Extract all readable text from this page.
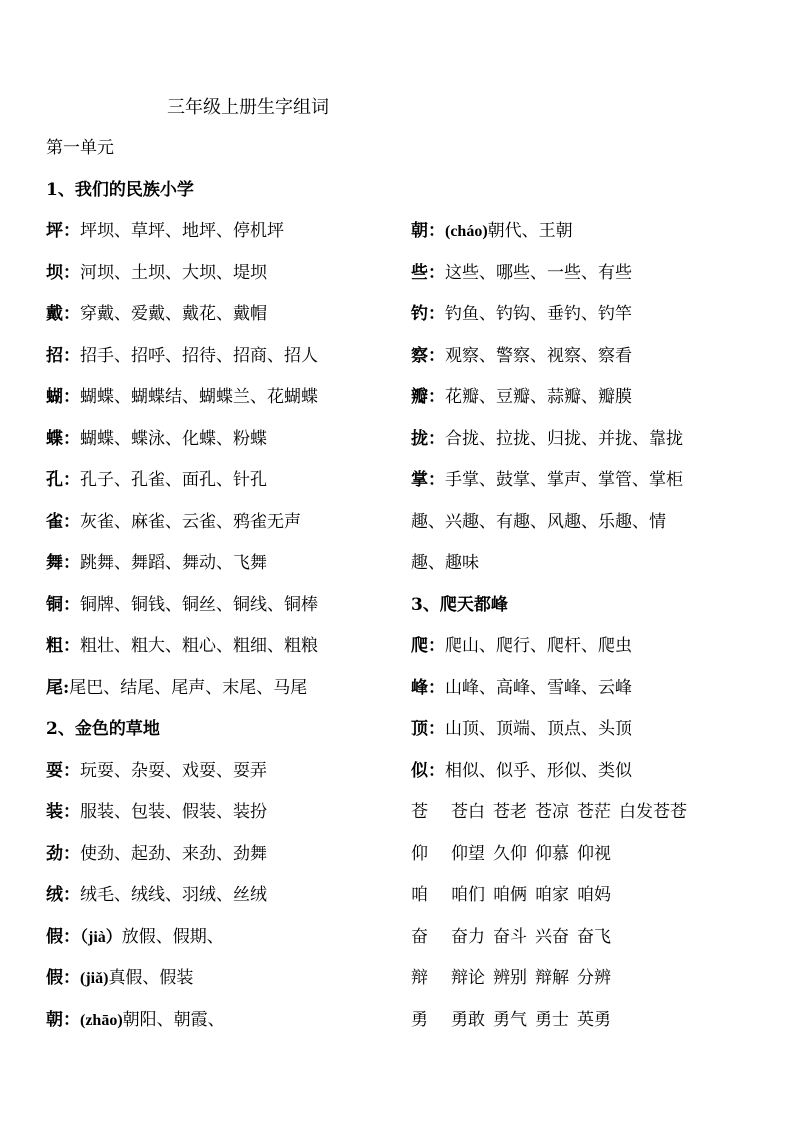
三年级上册生字组词
第一单元
1、我们的民族小学
坪：坪坝、草坪、地坪、停机坪
坝：河坝、土坝、大坝、堤坝
戴：穿戴、爱戴、戴花、戴帽
招：招手、招呼、招待、招商、招人
蝴：蝴蝶、蝴蝶结、蝴蝶兰、花蝴蝶
蝶：蝴蝶、蝶泳、化蝶、粉蝶
孔：孔子、孔雀、面孔、针孔
雀：灰雀、麻雀、云雀、鸦雀无声
舞：跳舞、舞蹈、舞动、飞舞
铜：铜牌、铜钱、铜丝、铜线、铜棒
粗：粗壮、粗大、粗心、粗细、粗粮
尾:尾巴、结尾、尾声、末尾、马尾
2、金色的草地
耍：玩耍、杂耍、戏耍、耍弄
装：服装、包装、假装、装扮
劲：使劲、起劲、来劲、劲舞
绒：绒毛、绒线、羽绒、丝绒
假：（jià）放假、假期、
假：(jiǎ)真假、假装
朝：(zhāo)朝阳、朝霞、
朝：(cháo)朝代、王朝
些：这些、哪些、一些、有些
钓：钓鱼、钓钩、垂钓、钓竿
察：观察、警察、视察、察看
瓣：花瓣、豆瓣、蒜瓣、瓣膜
拢：合拢、拉拢、归拢、并拢、靠拢
掌：手掌、鼓掌、掌声、掌管、掌柜
趣、兴趣、有趣、风趣、乐趣、情
趣、趣味
3、爬天都峰
爬：爬山、爬行、爬杆、爬虫
峰：山峰、高峰、雪峰、云峰
顶：山顶、顶端、顶点、头顶
似：相似、似乎、形似、类似
苍 苍白 苍老 苍凉 苍茫 白发苍苍
仰 仰望 久仰 仰慕 仰视
咱 咱们 咱俩 咱家 咱妈
奋 奋力 奋斗 兴奋 奋飞
辩 辩论 辨别 辩解 分辨
勇 勇敢 勇气 勇士 英勇
